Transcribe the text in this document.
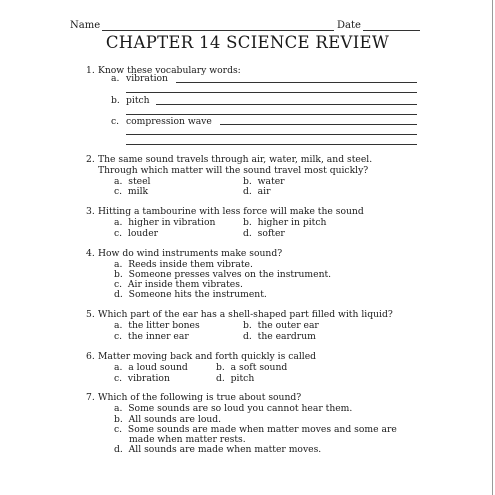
Name	Date
CHAPTER 14 SCIENCE REVIEW
1. Know these vocabulary words:
a. vibration
b. pitch
c. compression wave
2. The same sound travels through air, water, milk, and steel.
Through which matter will the sound travel most quickly?
a. steel	b. water
c. milk	d. air
3. Hitting a tambourine with less force will make the sound
a. higher in vibration	b. higher in pitch
c. louder	d. softer
4. How do wind instruments make sound?
a. Reeds inside them vibrate.
b. Someone presses valves on the instrument.
c. Air inside them vibrates.
d. Someone hits the instrument.
5. Which part of the ear has a shell-shaped part filled with liquid?
a. the litter bones	b. the outer ear
c. the inner ear	d. the eardrum
6. Matter moving back and forth quickly is called
a. a loud sound	b. a soft sound
c. vibration	d. pitch
7. Which of the following is true about sound?
a. Some sounds are so loud you cannot hear them.
b. All sounds are loud.
c. Some sounds are made when matter moves and some are
made when matter rests.
d. All sounds are made when matter moves.
